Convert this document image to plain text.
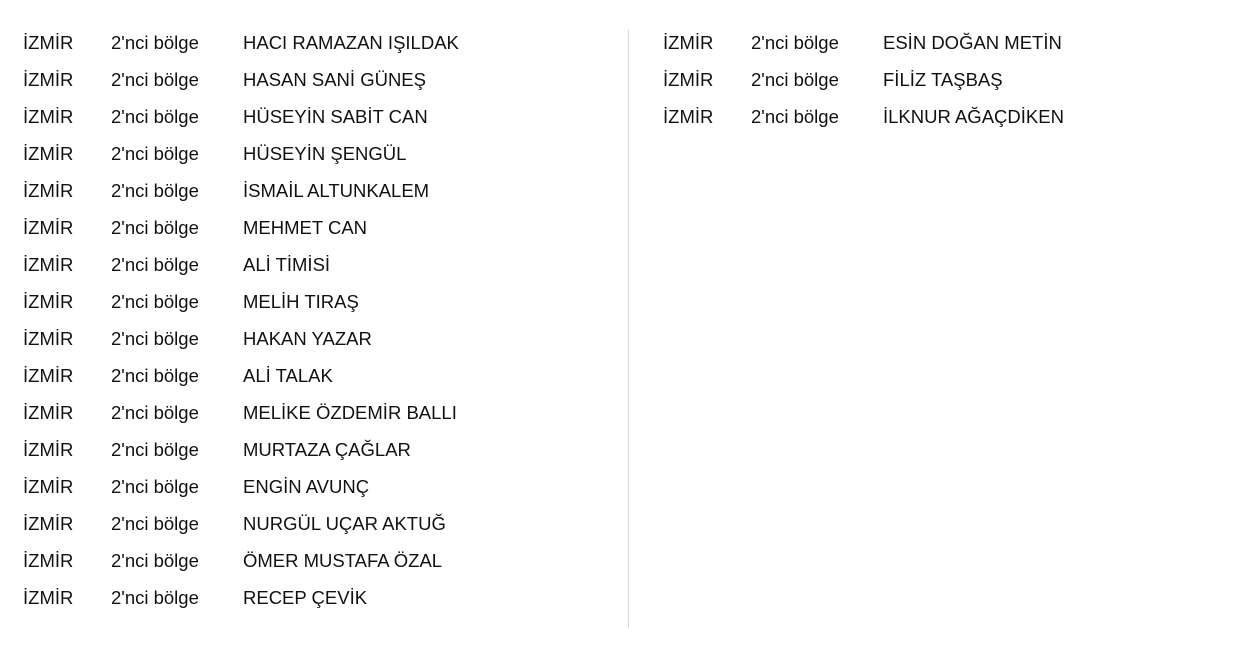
İZMİR 2'nci bölge HACI RAMAZAN IŞILDAK
İZMİR 2'nci bölge HASAN SANİ GÜNEŞ
İZMİR 2'nci bölge HÜSEYİN SABİT CAN
İZMİR 2'nci bölge HÜSEYİN ŞENGÜL
İZMİR 2'nci bölge İSMAİL ALTUNKALEM
İZMİR 2'nci bölge MEHMET CAN
İZMİR 2'nci bölge ALİ TİMİSİ
İZMİR 2'nci bölge MELİH TIRAŞ
İZMİR 2'nci bölge HAKAN YAZAR
İZMİR 2'nci bölge ALİ TALAK
İZMİR 2'nci bölge MELİKE ÖZDEMİR BALLI
İZMİR 2'nci bölge MURTAZA ÇAĞLAR
İZMİR 2'nci bölge ENGİN AVUNÇ
İZMİR 2'nci bölge NURGÜL UÇAR AKTUĞ
İZMİR 2'nci bölge ÖMER MUSTAFA ÖZAL
İZMİR 2'nci bölge RECEP ÇEVİK
İZMİR 2'nci bölge ESİN DOĞAN METİN
İZMİR 2'nci bölge FİLİZ TAŞBAŞ
İZMİR 2'nci bölge İLKNUR AĞAÇDİKEN
